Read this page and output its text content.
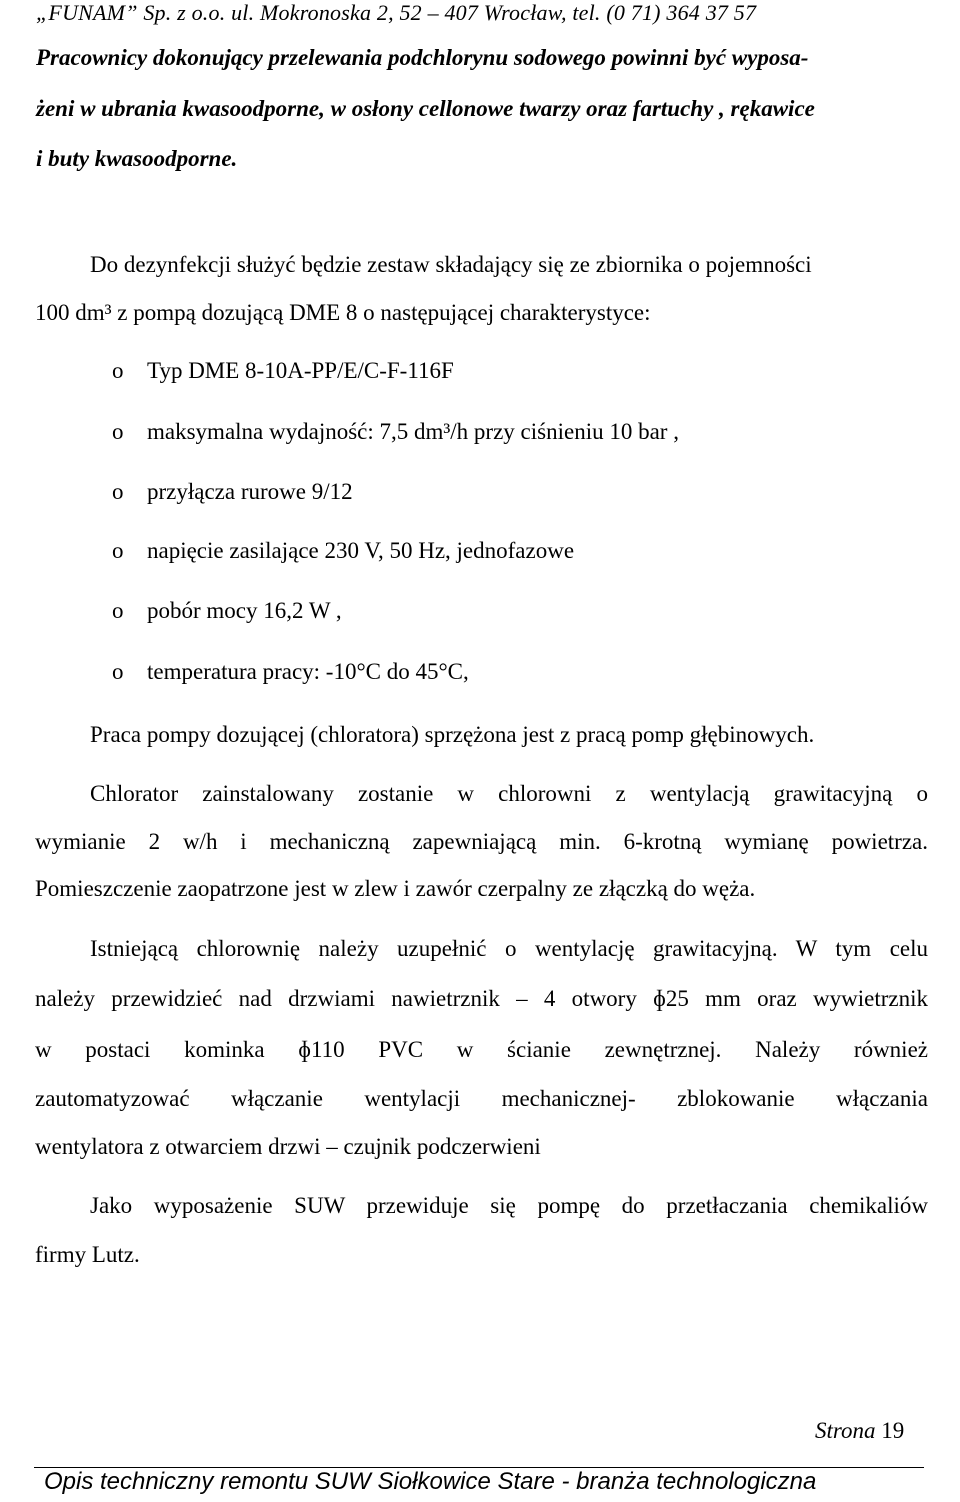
„FUNAM” Sp. z o.o. ul. Mokronoska 2, 52 – 407 Wrocław, tel. (0 71) 364 37 57
Pracownicy dokonujący przelewania podchlorynu sodowego powinni być wyposa-
żeni w ubrania kwasoodporne, w osłony cellonowe twarzy oraz fartuchy , rękawice
i buty kwasoodporne.
Do dezynfekcji służyć będzie zestaw składający się ze zbiornika o pojemności
100 dm³ z pompą dozującą DME 8 o następującej charakterystyce:
o Typ DME 8-10A-PP/E/C-F-116F
o maksymalna wydajność: 7,5 dm³/h przy ciśnieniu 10 bar ,
o przyłącza rurowe 9/12
o napięcie zasilające 230 V, 50 Hz, jednofazowe
o pobór mocy 16,2 W ,
o temperatura pracy: -10°C do 45°C,
Praca pompy dozującej (chloratora) sprzężona jest z pracą pomp głębinowych.
Chlorator zainstalowany zostanie w chlorowni z wentylacją grawitacyjną o
wymianie 2 w/h i mechaniczną zapewniającą min. 6-krotną wymianę powietrza.
Pomieszczenie zaopatrzone jest w zlew i zawór czerpalny ze złączką do węża.
Istniejącą chlorownię należy uzupełnić o wentylację grawitacyjną. W tym celu
należy przewidzieć nad drzwiami nawietrznik – 4 otwory ɸ25 mm oraz wywietrznik
w postaci kominka ɸ110 PVC w ścianie zewnętrznej. Należy również
zautomatyzować włączanie wentylacji mechanicznej- zblokowanie włączania
wentylatora z otwarciem drzwi – czujnik podczerwieni
Jako wyposażenie SUW przewiduje się pompę do przetłaczania chemikaliów
firmy Lutz.
Strona 19
Opis techniczny remontu SUW Siołkowice Stare - branża technologiczna
